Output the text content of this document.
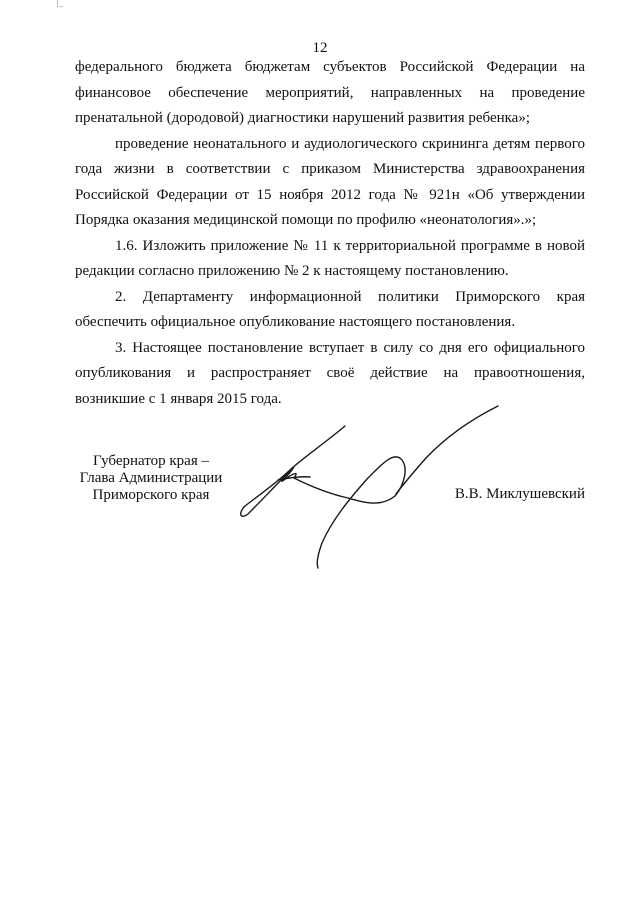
12

федерального бюджета бюджетам субъектов Российской Федерации на финансовое обеспечение мероприятий, направленных на проведение пренатальной (дородовой) диагностики нарушений развития ребенка»;

проведение неонатального и аудиологического скрининга детям первого года жизни в соответствии с приказом Министерства здравоохранения Российской Федерации от 15 ноября 2012 года № 921н «Об утверждении Порядка оказания медицинской помощи по профилю «неонатология».»;

1.6. Изложить приложение № 11 к территориальной программе в новой редакции согласно приложению № 2 к настоящему постановлению.

2. Департаменту информационной политики Приморского края обеспечить официальное опубликование настоящего постановления.

3. Настоящее постановление вступает в силу со дня его официального опубликования и распространяет своё действие на правоотношения, возникшие с 1 января 2015 года.

Губернатор края –
Глава Администрации
Приморского края	В.В. Миклушевский
